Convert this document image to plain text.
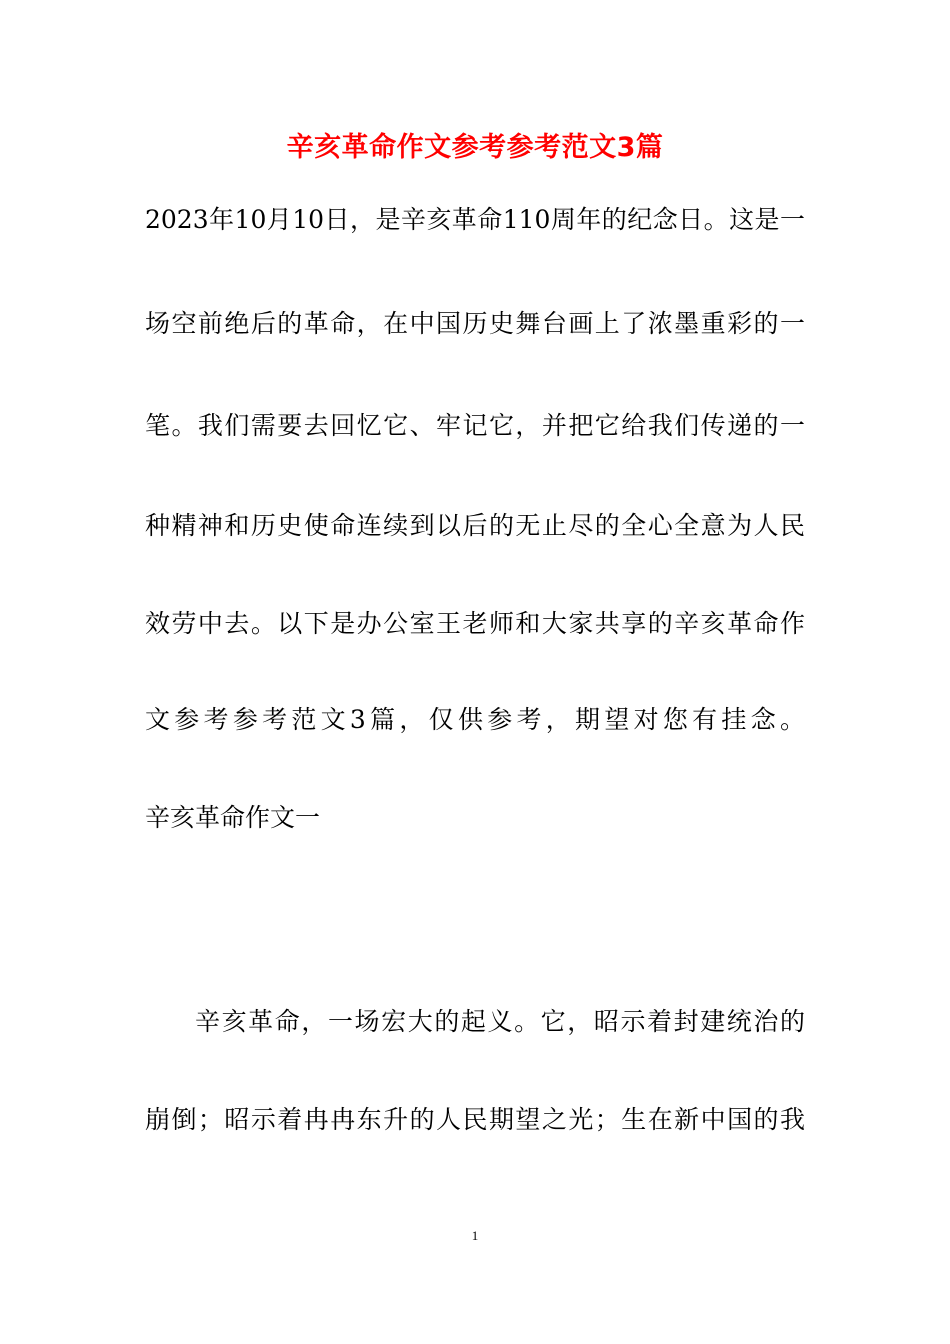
辛亥革命作文参考参考范文3篇
2023年10月10日，是辛亥革命110周年的纪念日。这是一
场空前绝后的革命，在中国历史舞台画上了浓墨重彩的一
笔。我们需要去回忆它、牢记它，并把它给我们传递的一
种精神和历史使命连续到以后的无止尽的全心全意为人民
效劳中去。以下是办公室王老师和大家共享的辛亥革命作
文参考参考范文3篇，仅供参考，期望对您有挂念。
辛亥革命作文一
辛亥革命，一场宏大的起义。它，昭示着封建统治的
崩倒；昭示着冉冉东升的人民期望之光；生在新中国的我
1
